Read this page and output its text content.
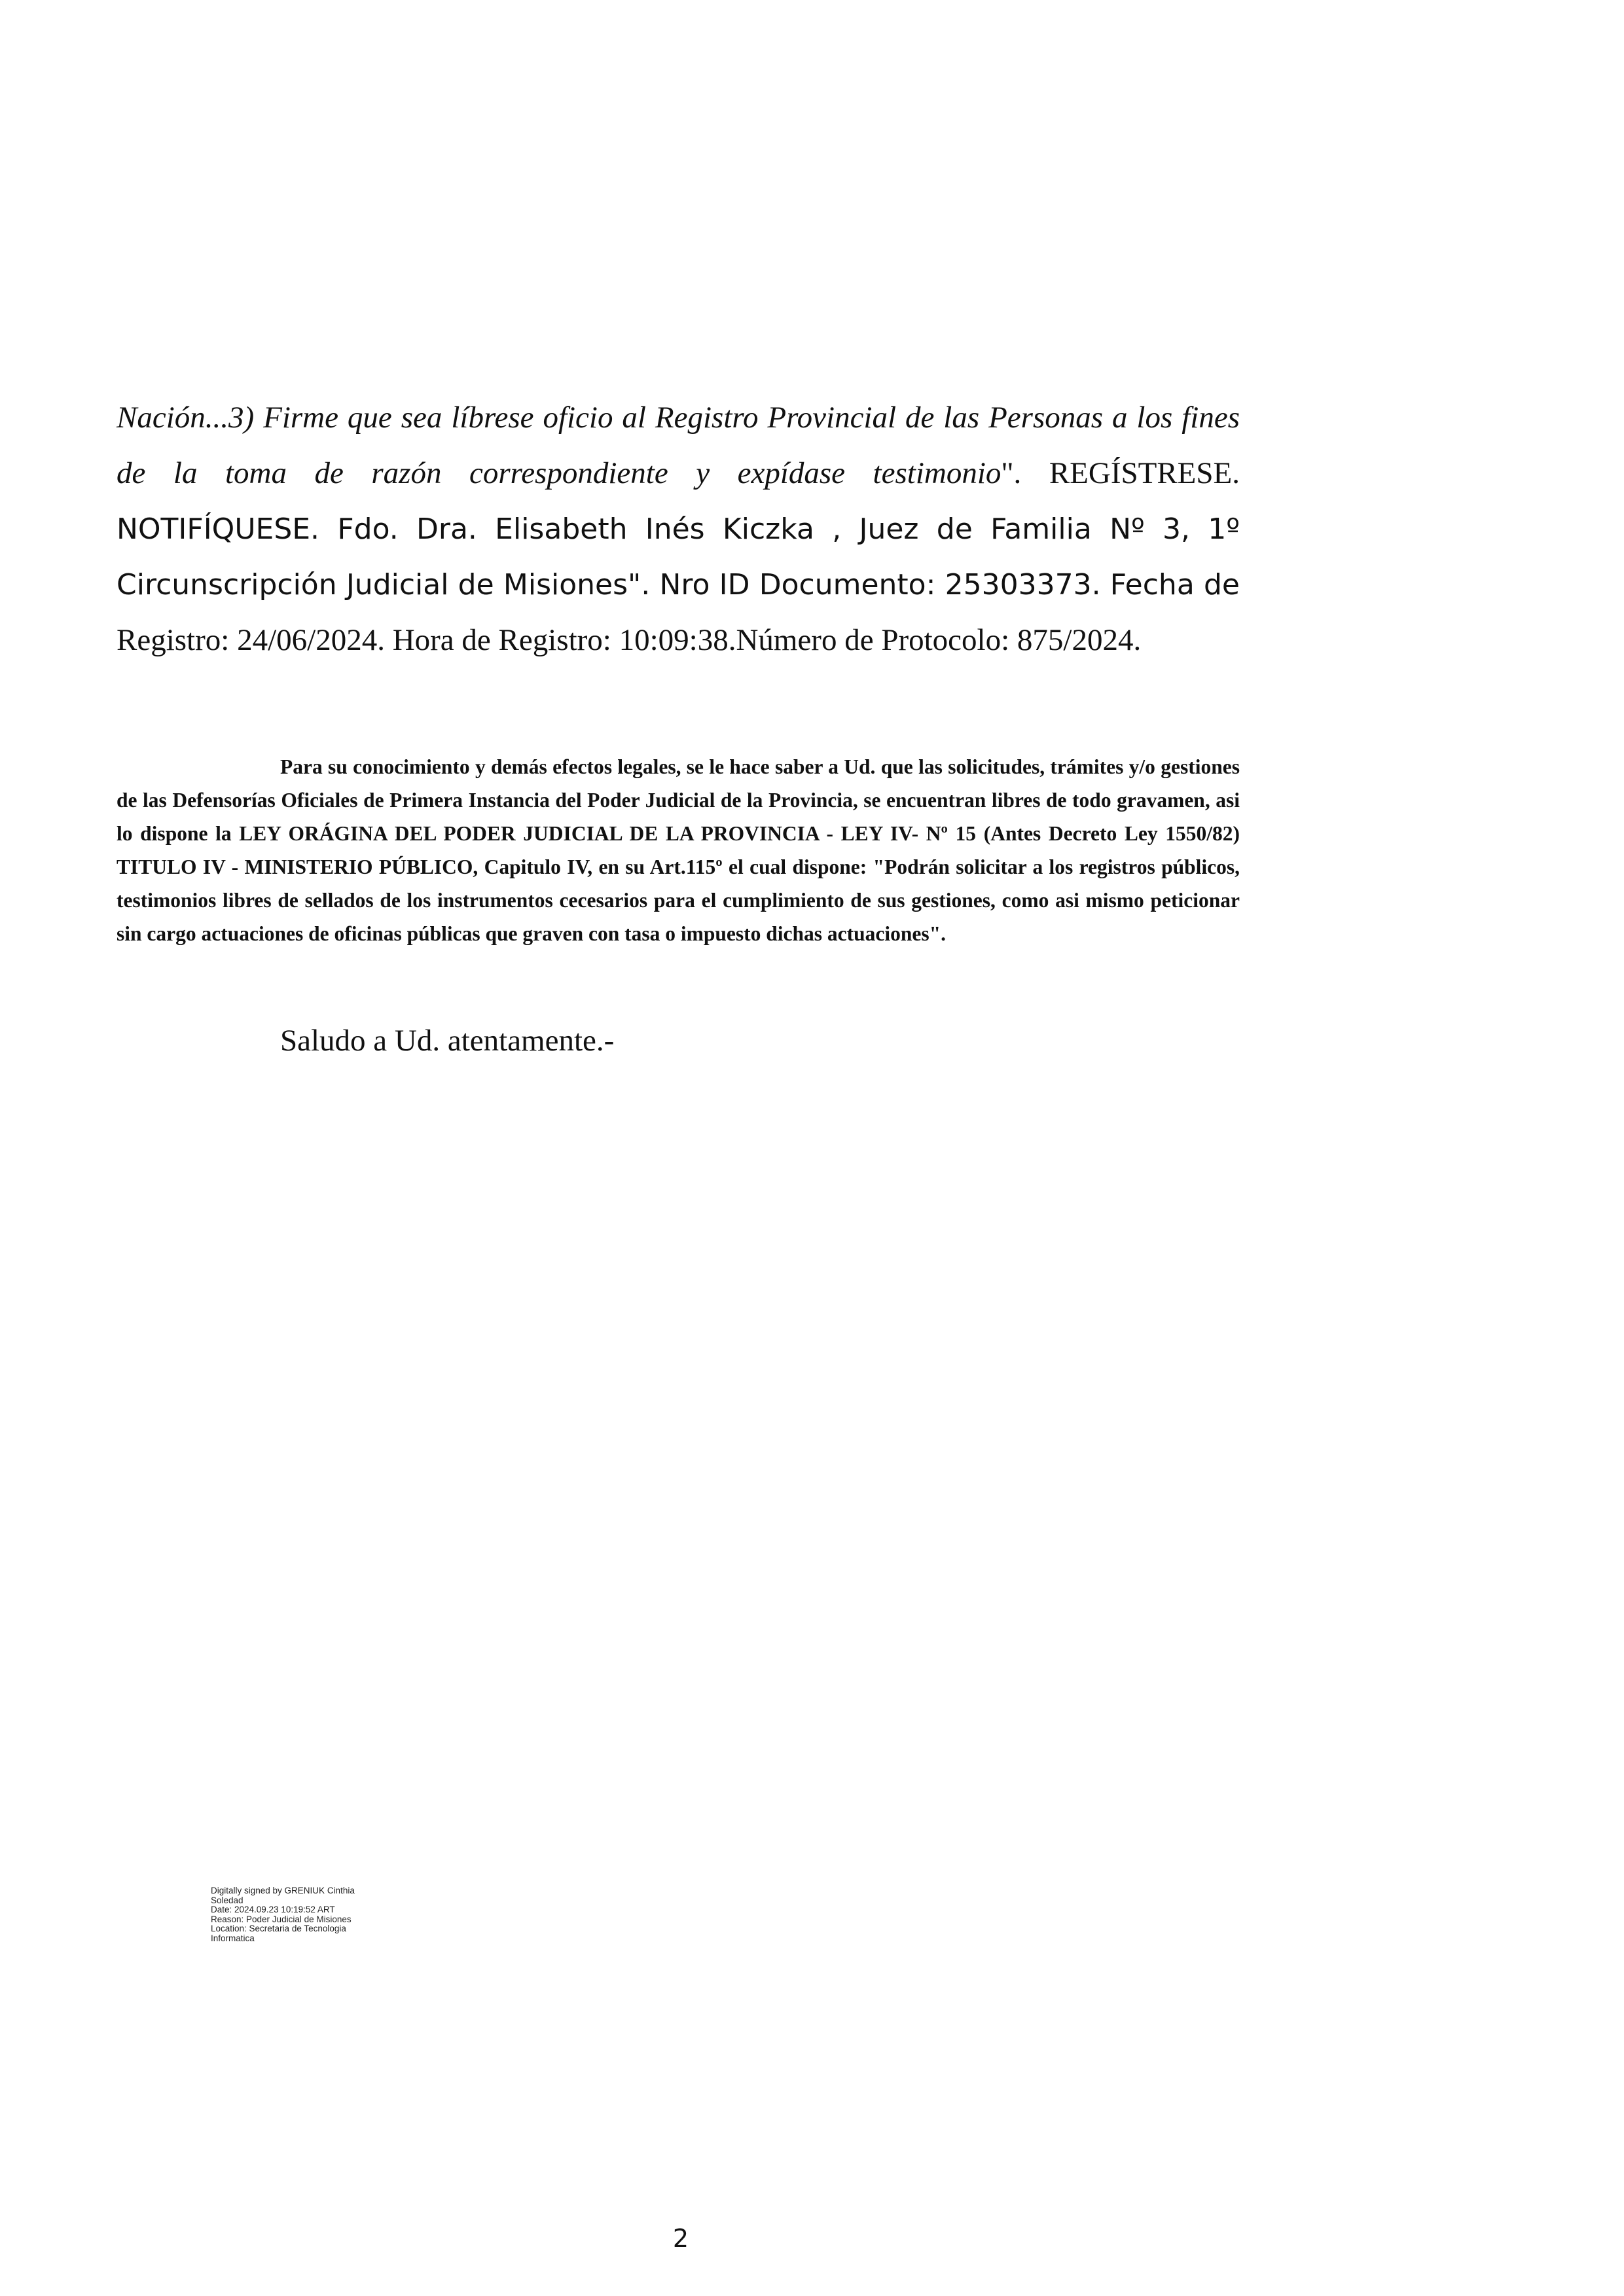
Nación...3) Firme que sea líbrese oficio al Registro Provincial de las Personas a los fines de la toma de razón correspondiente y expídase testimonio". REGÍSTRESE. NOTIFÍQUESE. Fdo. Dra. Elisabeth Inés Kiczka , Juez de Familia Nº 3, 1º Circunscripción Judicial de Misiones". Nro ID Documento: 25303373. Fecha de Registro: 24/06/2024. Hora de Registro: 10:09:38.Número de Protocolo: 875/2024.
Para su conocimiento y demás efectos legales, se le hace saber a Ud. que las solicitudes, trámites y/o gestiones de las Defensorías Oficiales de Primera Instancia del Poder Judicial de la Provincia, se encuentran libres de todo gravamen, asi lo dispone la LEY ORÁGINA DEL PODER JUDICIAL DE LA PROVINCIA - LEY IV- Nº 15 (Antes Decreto Ley 1550/82) TITULO IV - MINISTERIO PÚBLICO, Capitulo IV, en su Art.115º el cual dispone: "Podrán solicitar a los registros públicos, testimonios libres de sellados de los instrumentos cecesarios para el cumplimiento de sus gestiones, como asi mismo peticionar sin cargo actuaciones de oficinas públicas que graven con tasa o impuesto dichas actuaciones".
Saludo a Ud. atentamente.-
Digitally signed by GRENIUK Cinthia
Soledad
Date: 2024.09.23 10:19:52 ART
Reason: Poder Judicial de Misiones
Location: Secretaria de Tecnologia
Informatica
2
